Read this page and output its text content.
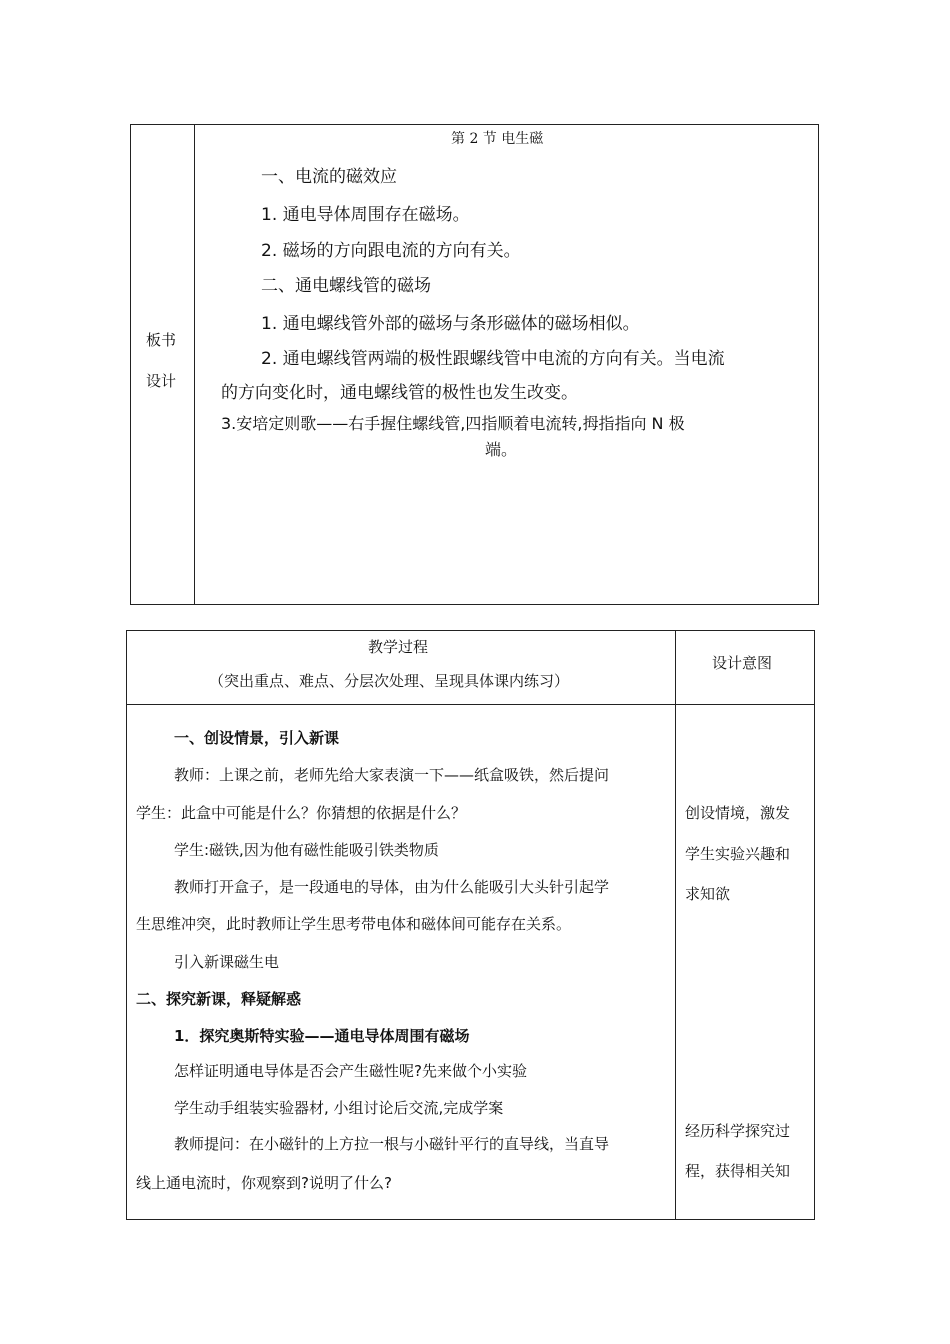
板书
设计
第 2 节 电生磁
一、电流的磁效应
1. 通电导体周围存在磁场。
2. 磁场的方向跟电流的方向有关。
二、通电螺线管的磁场
1. 通电螺线管外部的磁场与条形磁体的磁场相似。
2. 通电螺线管两端的极性跟螺线管中电流的方向有关。当电流
的方向变化时，通电螺线管的极性也发生改变。
3.安培定则歌——右手握住螺线管,四指顺着电流转,拇指指向 N 极
端。
教学过程
（突出重点、难点、分层次处理、呈现具体课内练习）
设计意图
一、创设情景，引入新课
教师：上课之前，老师先给大家表演一下——纸盒吸铁，然后提问
学生：此盒中可能是什么？你猜想的依据是什么？
学生:磁铁,因为他有磁性能吸引铁类物质
教师打开盒子，是一段通电的导体，由为什么能吸引大头针引起学
生思维冲突，此时教师让学生思考带电体和磁体间可能存在关系。
引入新课磁生电
二、探究新课，释疑解惑
1．探究奥斯特实验——通电导体周围有磁场
怎样证明通电导体是否会产生磁性呢?先来做个小实验
学生动手组装实验器材, 小组讨论后交流,完成学案
教师提问：在小磁针的上方拉一根与小磁针平行的直导线，当直导
线上通电流时，你观察到?说明了什么?
创设情境，激发
学生实验兴趣和
求知欲
经历科学探究过
程，获得相关知
